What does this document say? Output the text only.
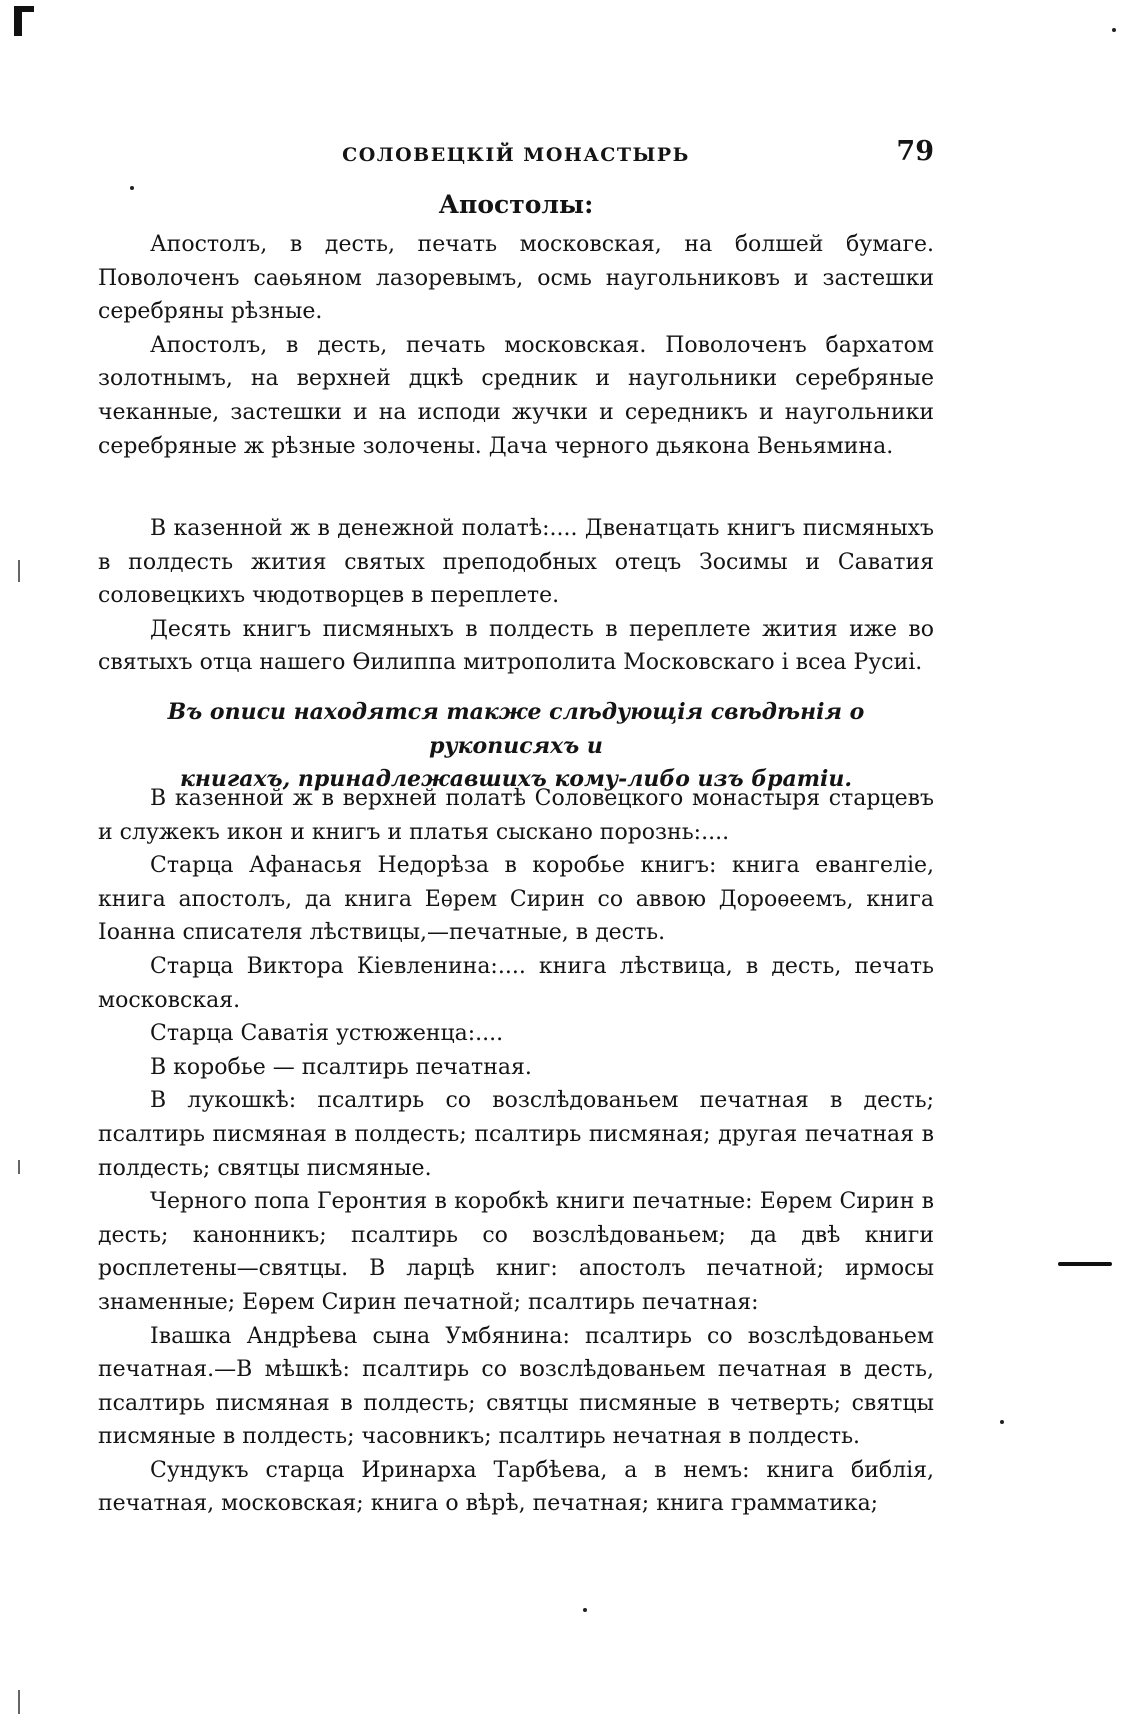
СОЛОВЕЦКІЙ МОНАСТЫРЬ	79
Апостолы:

Апостолъ, в десть, печать московская, на болшей бумаге. Поволоченъ саѳьяном лазоревымъ, осмь наугольниковъ и застешки серебряны рѣзные.

Апостолъ, в десть, печать московская. Поволоченъ бархатом золотнымъ, на верхней дцкѣ средник и наугольники серебряные чеканные, застешки и на исподи жучки и середникъ и наугольники серебряные ж рѣзные золочены. Дача черного дьякона Веньямина.

В казенной ж в денежной полатѣ:.... Двенатцать книгъ писмяныхъ в полдесть жития святых преподобных отецъ Зосимы и Саватия соловецкихъ чюдотворцев в переплете.

Десять книгъ писмяныхъ в полдесть в переплете жития иже во святыхъ отца нашего Ѳилиппа митрополита Московскаго і всеа Русиі.

Въ описи находятся также слѣдующія свѣдѣнія о рукописяхъ и

книгахъ, принадлежавшихъ кому-либо изъ братіи.

В казенной ж в верхней полатѣ Соловецкого монастыря старцевъ и служекъ икон и книгъ и платья сыскано порознь:....

Старца Афанасья Недорѣза в коробье книгъ: книга евангеліе, книга апостолъ, да книга Еѳрем Сирин со аввою Дороѳеемъ, книга Іоанна списателя лѣствицы,—печатные, в десть.

Старца Виктора Кіевленина:.... книга лѣствица, в десть, печать московская.

Старца Саватія устюженца:....

В коробье — псалтирь печатная.

В лукошкѣ: псалтирь со возслѣдованьем печатная в десть; псалтирь писмяная в полдесть; псалтирь писмяная; другая печатная в полдесть; святцы писмяные.

Черного попа Геронтия в коробкѣ книги печатные: Еѳрем Сирин в десть; канонникъ; псалтирь со возслѣдованьем; да двѣ книги росплетены—святцы. В ларцѣ книг: апостолъ печатной; ирмосы знаменные; Еѳрем Сирин печатной; псалтирь печатная:

Івашка Андрѣева сына Умбянина: псалтирь со возслѣдованьем печатная.—В мѣшкѣ: псалтирь со возслѣдованьем печатная в десть, псалтирь писмяная в полдесть; святцы писмяные в четверть; святцы писмяные в полдесть; часовникъ; псалтирь нечатная в полдесть.

Сундукъ старца Иринарха Тарбѣева, а в немъ: книга библія, печатная, московская; книга о вѣрѣ, печатная; книга грамматика;
